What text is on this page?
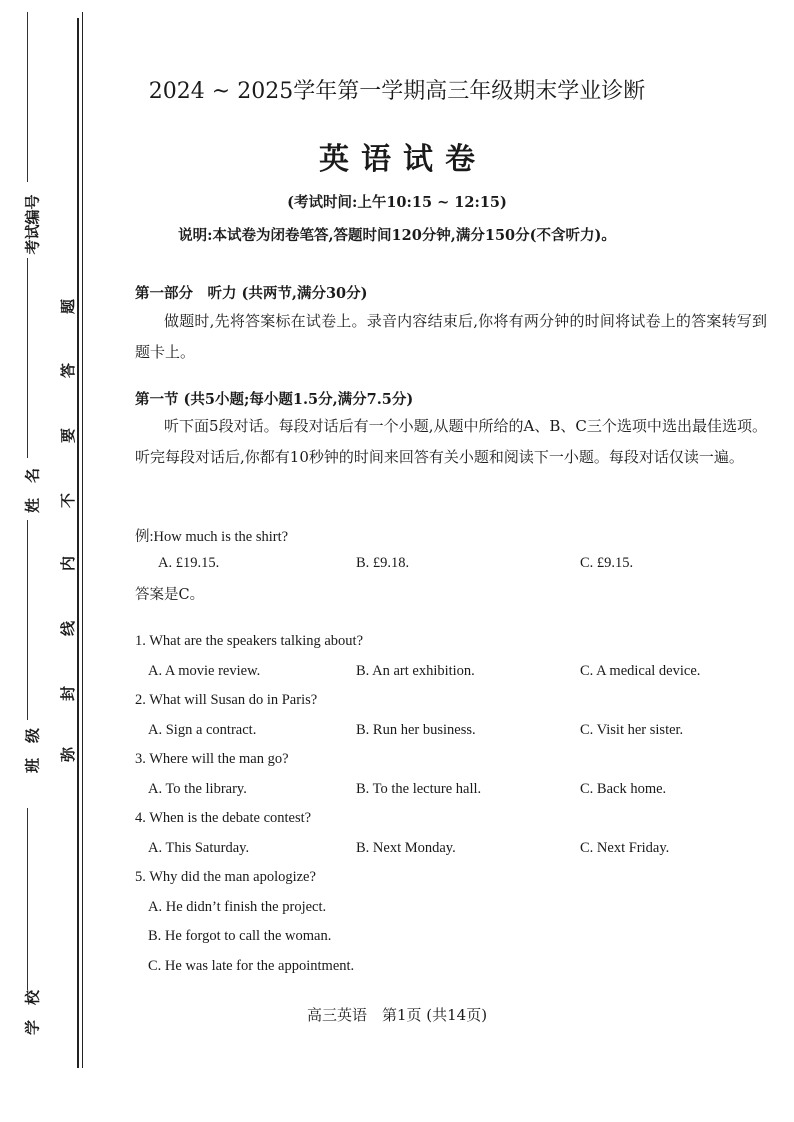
考试编号
姓　名
班　级
学　校
题
答
要
不
内
线
封
弥
2024 ~ 2025学年第一学期高三年级期末学业诊断
英语试卷
(考试时间:上午10:15 ~ 12:15)
说明:本试卷为闭卷笔答,答题时间120分钟,满分150分(不含听力)。
第一部分　听力 (共两节,满分30分)
做题时,先将答案标在试卷上。录音内容结束后,你将有两分钟的时间将试卷上的答案转写到题卡上。
第一节 (共5小题;每小题1.5分,满分7.5分)
听下面5段对话。每段对话后有一个小题,从题中所给的A、B、C三个选项中选出最佳选项。听完每段对话后,你都有10秒钟的时间来回答有关小题和阅读下一小题。每段对话仅读一遍。
例:How much is the shirt?
A. £19.15.	B. £9.18.	C. £9.15.
答案是C。
1. What are the speakers talking about?
A. A movie review.	B. An art exhibition.	C. A medical device.
2. What will Susan do in Paris?
A. Sign a contract.	B. Run her business.	C. Visit her sister.
3. Where will the man go?
A. To the library.	B. To the lecture hall.	C. Back home.
4. When is the debate contest?
A. This Saturday.	B. Next Monday.	C. Next Friday.
5. Why did the man apologize?
A. He didn’t finish the project.
B. He forgot to call the woman.
C. He was late for the appointment.
高三英语　第1页 (共14页)
